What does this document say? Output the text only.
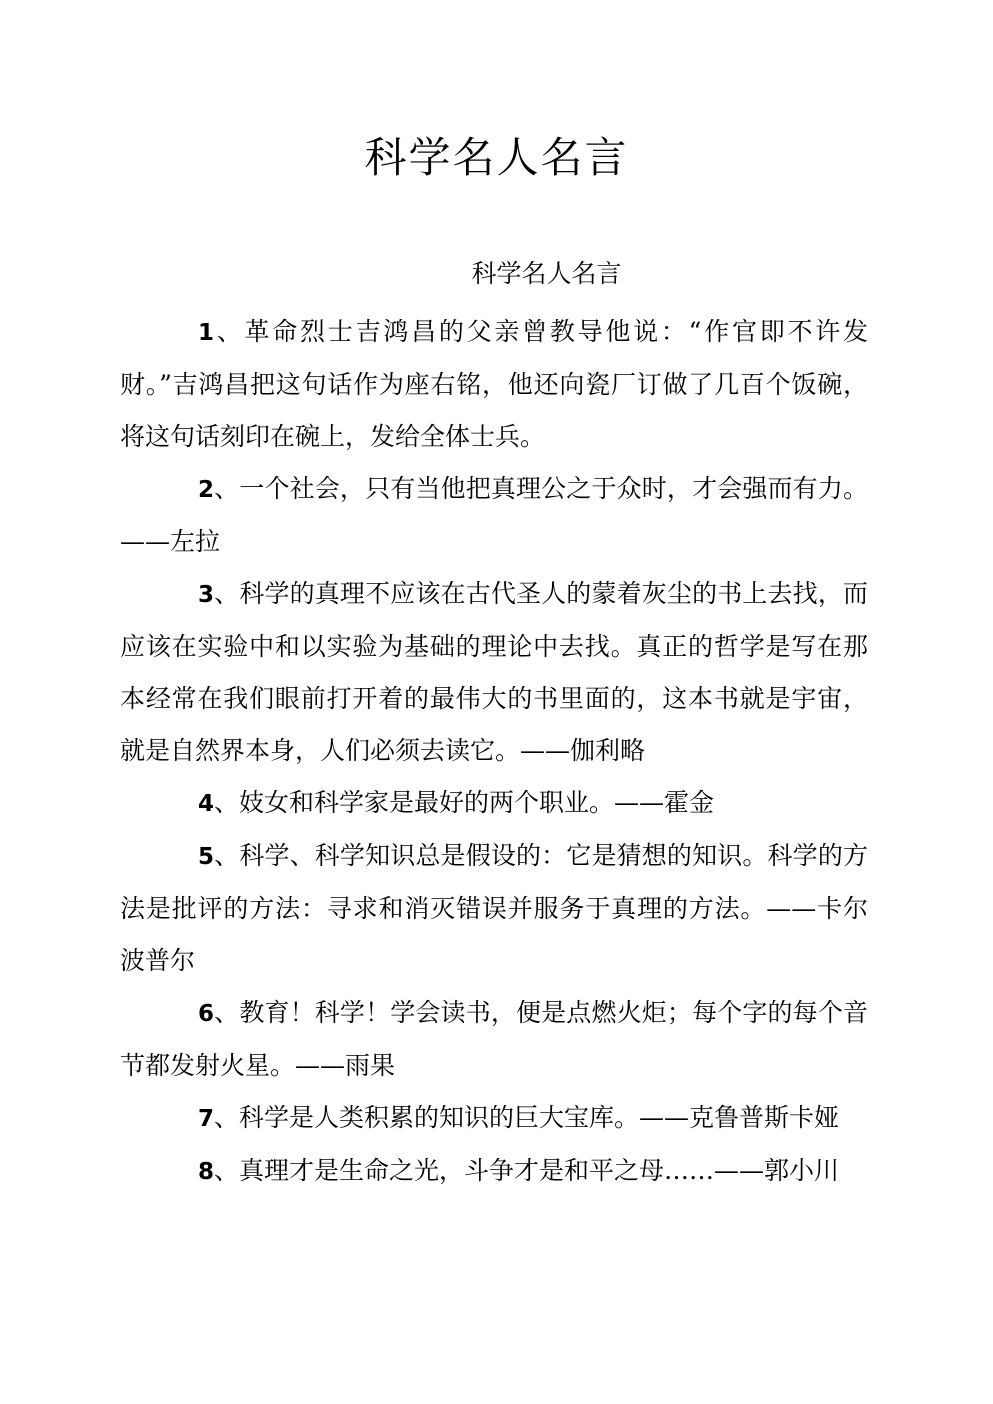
科学名人名言

科学名人名言

1、革命烈士吉鸿昌的父亲曾教导他说：“作官即不许发财。”吉鸿昌把这句话作为座右铭，他还向瓷厂订做了几百个饭碗，将这句话刻印在碗上，发给全体士兵。
2、一个社会，只有当他把真理公之于众时，才会强而有力。——左拉
3、科学的真理不应该在古代圣人的蒙着灰尘的书上去找，而应该在实验中和以实验为基础的理论中去找。真正的哲学是写在那本经常在我们眼前打开着的最伟大的书里面的，这本书就是宇宙，就是自然界本身，人们必须去读它。——伽利略
4、妓女和科学家是最好的两个职业。——霍金
5、科学、科学知识总是假设的：它是猜想的知识。科学的方法是批评的方法：寻求和消灭错误并服务于真理的方法。——卡尔波普尔
6、教育！科学！学会读书，便是点燃火炬；每个字的每个音节都发射火星。——雨果
7、科学是人类积累的知识的巨大宝库。——克鲁普斯卡娅
8、真理才是生命之光，斗争才是和平之母……——郭小川
